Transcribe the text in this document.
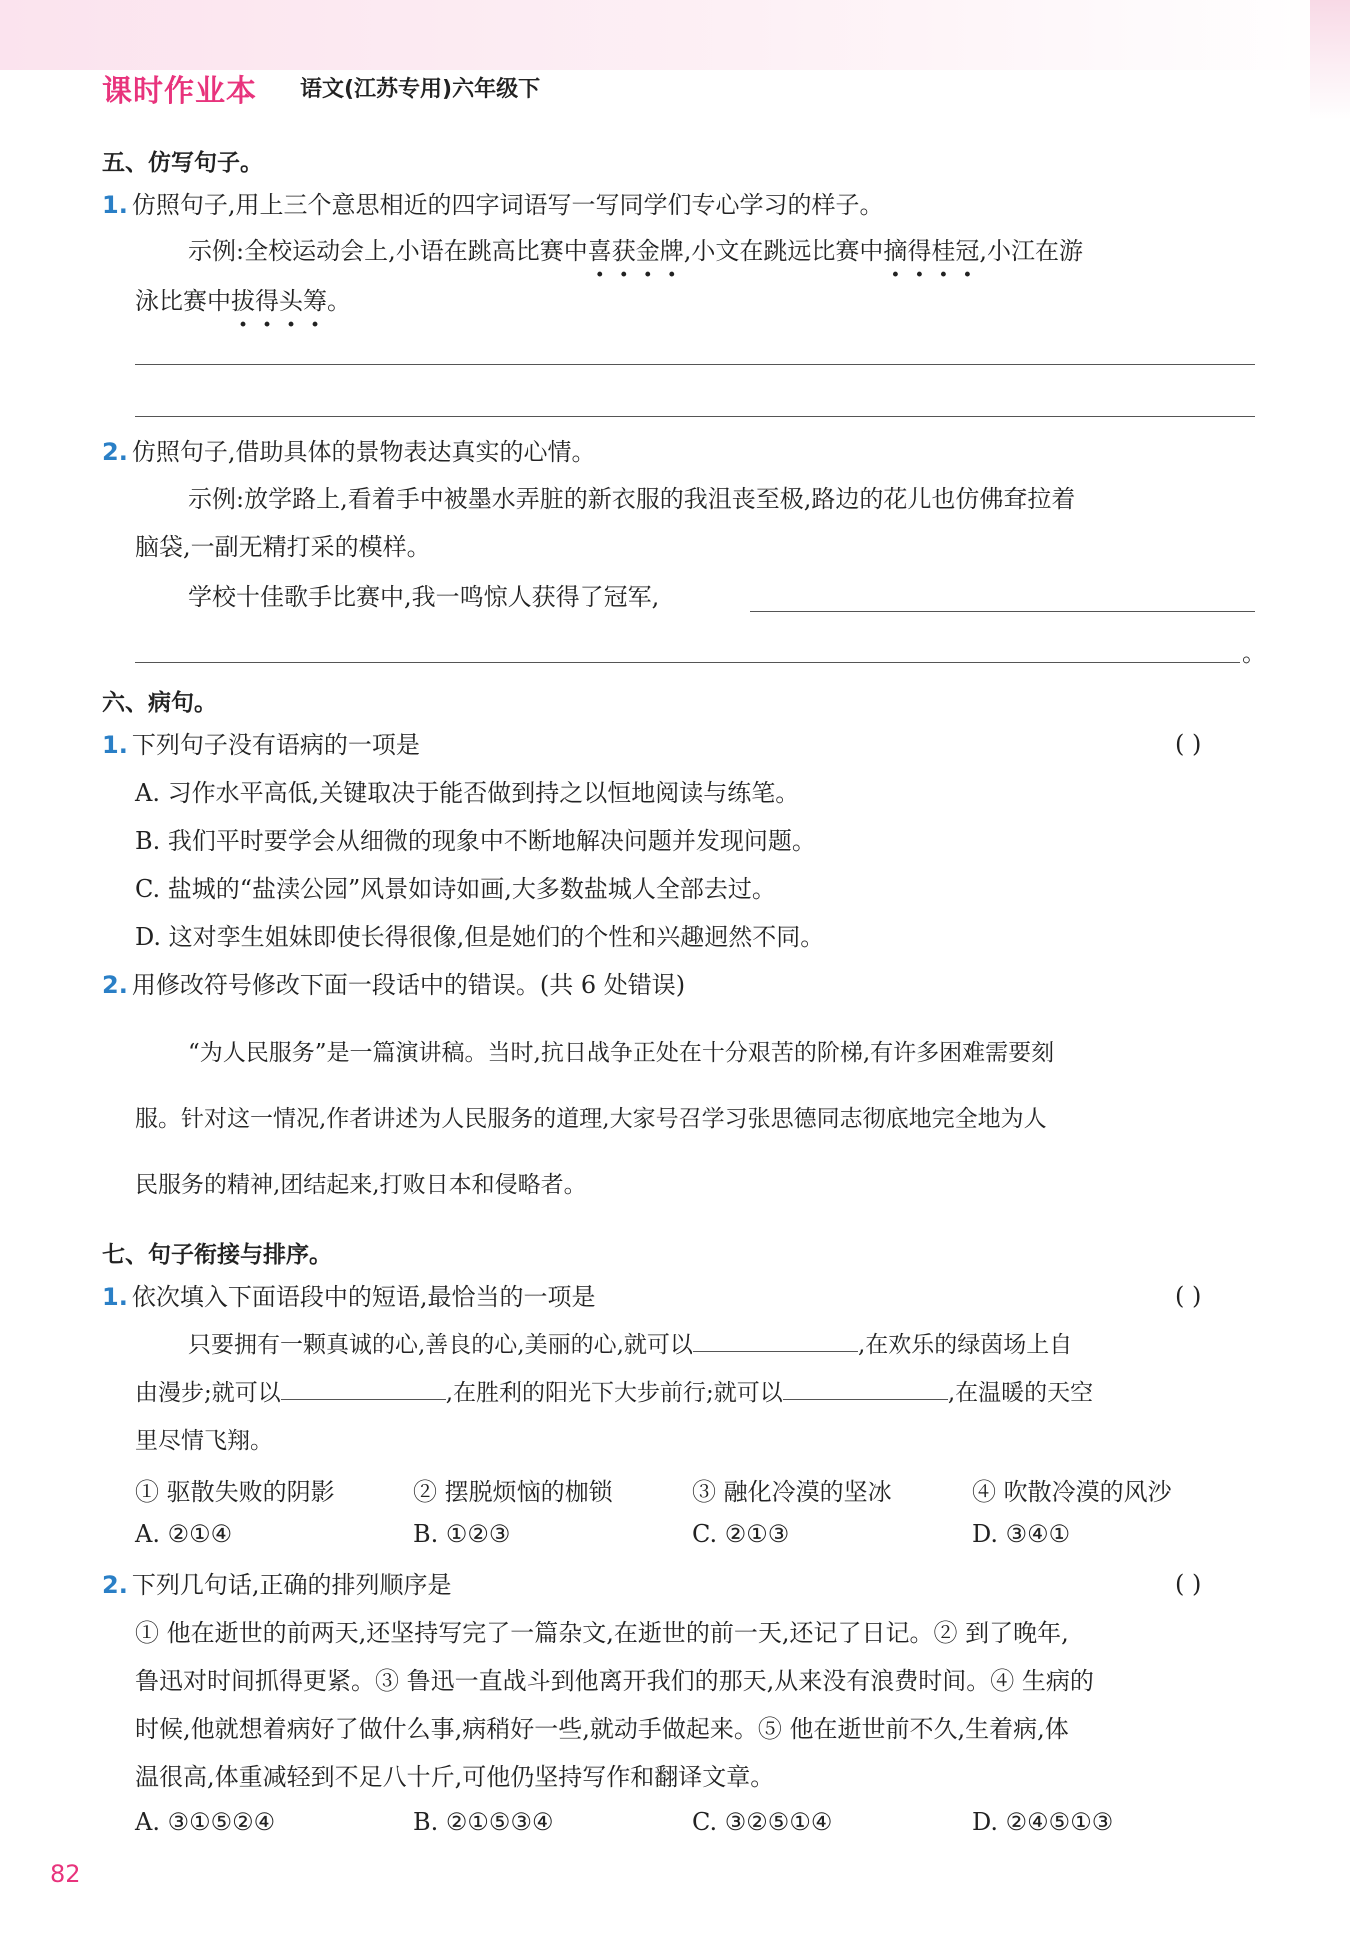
课时作业本 语文(江苏专用)六年级下
五、仿写句子。
1. 仿照句子,用上三个意思相近的四字词语写一写同学们专心学习的样子。
示例:全校运动会上,小语在跳高比赛中喜获金牌,小文在跳远比赛中摘得桂冠,小江在游
泳比赛中拔得头筹。
2. 仿照句子,借助具体的景物表达真实的心情。
示例:放学路上,看着手中被墨水弄脏的新衣服的我沮丧至极,路边的花儿也仿佛耷拉着
脑袋,一副无精打采的模样。
学校十佳歌手比赛中,我一鸣惊人获得了冠军,
。
六、病句。
1. 下列句子没有语病的一项是	( )
A. 习作水平高低,关键取决于能否做到持之以恒地阅读与练笔。
B. 我们平时要学会从细微的现象中不断地解决问题并发现问题。
C. 盐城的“盐渎公园”风景如诗如画,大多数盐城人全部去过。
D. 这对孪生姐妹即使长得很像,但是她们的个性和兴趣迥然不同。
2. 用修改符号修改下面一段话中的错误。(共 6 处错误)
“为人民服务”是一篇演讲稿。当时,抗日战争正处在十分艰苦的阶梯,有许多困难需要刻
服。针对这一情况,作者讲述为人民服务的道理,大家号召学习张思德同志彻底地完全地为人
民服务的精神,团结起来,打败日本和侵略者。
七、句子衔接与排序。
1. 依次填入下面语段中的短语,最恰当的一项是	( )
只要拥有一颗真诚的心,善良的心,美丽的心,就可以	,在欢乐的绿茵场上自
由漫步;就可以	,在胜利的阳光下大步前行;就可以	,在温暖的天空
里尽情飞翔。
① 驱散失败的阴影	② 摆脱烦恼的枷锁	③ 融化冷漠的坚冰	④ 吹散冷漠的风沙
A. ②①④	B. ①②③	C. ②①③	D. ③④①
2. 下列几句话,正确的排列顺序是	( )
① 他在逝世的前两天,还坚持写完了一篇杂文,在逝世的前一天,还记了日记。② 到了晚年,
鲁迅对时间抓得更紧。③ 鲁迅一直战斗到他离开我们的那天,从来没有浪费时间。④ 生病的
时候,他就想着病好了做什么事,病稍好一些,就动手做起来。⑤ 他在逝世前不久,生着病,体
温很高,体重减轻到不足八十斤,可他仍坚持写作和翻译文章。
A. ③①⑤②④	B. ②①⑤③④	C. ③②⑤①④	D. ②④⑤①③
82
